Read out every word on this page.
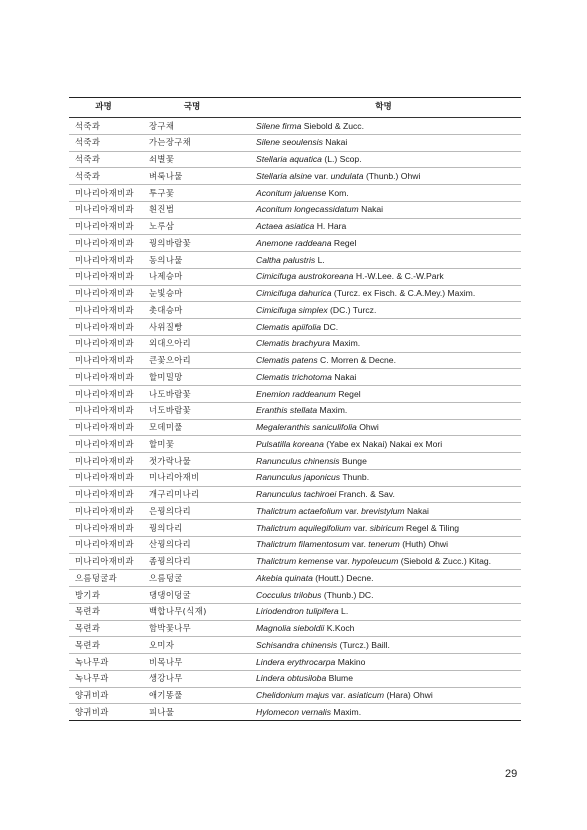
과명	국명	학명
석죽과	장구채	Silene firma Siebold & Zucc.
석죽과	가는장구채	Silene seoulensis Nakai
석죽과	쇠별꽃	Stellaria aquatica (L.) Scop.
석죽과	벼룩나물	Stellaria alsine var. undulata (Thunb.) Ohwi
미나리아재비과	투구꽃	Aconitum jaluense Kom.
미나리아재비과	흰진범	Aconitum longecassidatum Nakai
미나리아재비과	노루삼	Actaea asiatica H. Hara
미나리아재비과	꿩의바람꽃	Anemone raddeana Regel
미나리아재비과	동의나물	Caltha palustris L.
미나리아재비과	나제승마	Cimicifuga austrokoreana H.-W.Lee. & C.-W.Park
미나리아재비과	눈빛승마	Cimicifuga dahurica (Turcz. ex Fisch. & C.A.Mey.) Maxim.
미나리아재비과	촛대승마	Cimicifuga simplex (DC.) Turcz.
미나리아재비과	사위질빵	Clematis apiifolia DC.
미나리아재비과	외대으아리	Clematis brachyura Maxim.
미나리아재비과	큰꽃으아리	Clematis patens C. Morren & Decne.
미나리아재비과	할미밀망	Clematis trichotoma Nakai
미나리아재비과	나도바람꽃	Enemion raddeanum Regel
미나리아재비과	너도바람꽃	Eranthis stellata Maxim.
미나리아재비과	모데미풀	Megaleranthis saniculifolia Ohwi
미나리아재비과	할미꽃	Pulsatilla koreana (Yabe ex Nakai) Nakai ex Mori
미나리아재비과	젓가락나물	Ranunculus chinensis Bunge
미나리아재비과	미나리아재비	Ranunculus japonicus Thunb.
미나리아재비과	개구리미나리	Ranunculus tachiroei Franch. & Sav.
미나리아재비과	은꿩의다리	Thalictrum actaefolium var. brevistylum Nakai
미나리아재비과	꿩의다리	Thalictrum aquilegifolium var. sibiricum Regel & Tiling
미나리아재비과	산꿩의다리	Thalictrum filamentosum var. tenerum (Huth) Ohwi
미나리아재비과	좀꿩의다리	Thalictrum kemense var. hypoleucum (Siebold & Zucc.) Kitag.
으름덩굴과	으름덩굴	Akebia quinata (Houtt.) Decne.
방기과	댕댕이덩굴	Cocculus trilobus (Thunb.) DC.
목련과	백합나무(식재)	Liriodendron tulipifera L.
목련과	함박꽃나무	Magnolia sieboldii K.Koch
목련과	오미자	Schisandra chinensis (Turcz.) Baill.
녹나무과	비목나무	Lindera erythrocarpa Makino
녹나무과	생강나무	Lindera obtusiloba Blume
양귀비과	애기똥풀	Chelidonium majus var. asiaticum (Hara) Ohwi
양귀비과	피나물	Hylomecon vernalis Maxim.
29
